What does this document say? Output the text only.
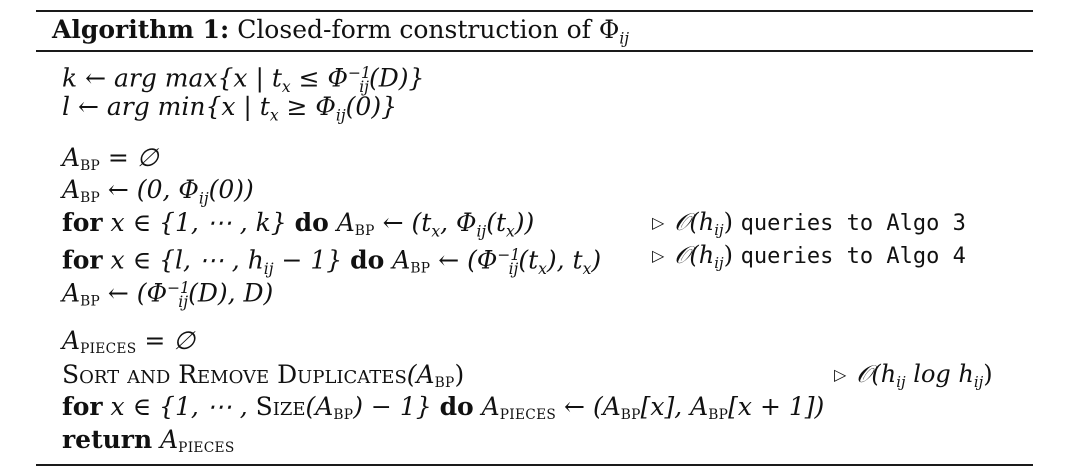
Algorithm 1: Closed-form construction of $\Phi_{ij}$
k ← arg max{x | $t_x \le \Phi^{-1}_{ij}(D)$}
l ← arg min{x | $t_x \ge \Phi_{ij}(0)$}
ABP = ∅
ABP ← (0, $\Phi_{ij}(0)$)
for x ∈ {1, ⋯ , k} do ABP ← ($t_x$, $\Phi_{ij}(t_x)$)	▷ $𝒪(h_{ij})$ queries to Algo 3
for x ∈ {l, ⋯ , $h_{ij} - 1$} do ABP ← ($\Phi^{-1}_{ij}(t_x)$, $t_x$)	▷ $𝒪(h_{ij})$ queries to Algo 4
ABP ← ($\Phi^{-1}_{ij}(D)$, D)
APIECES = ∅
Sort and Remove Duplicates(ABP)	▷ $𝒪(h_{ij}$ $\log h_{ij}$)
for x ∈ {1, ⋯ , Size(ABP) − 1} do APIECES ← (ABP[x], ABP[x + 1])
return APIECES
